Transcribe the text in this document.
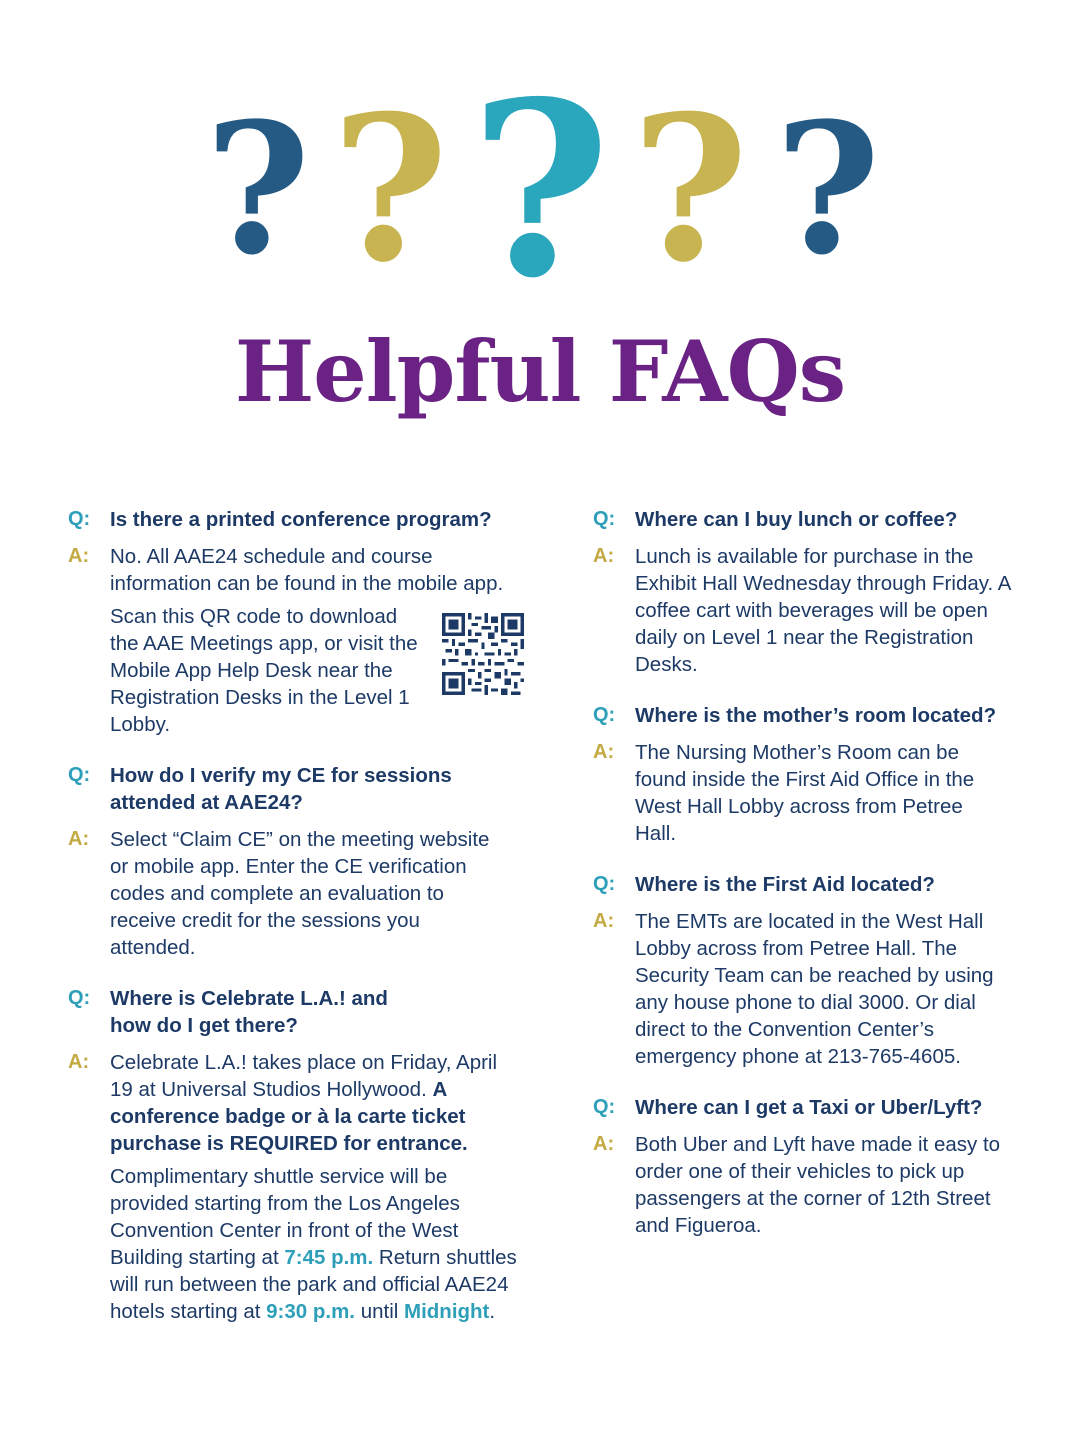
? ? ? ? ?
Helpful FAQs
Q: Is there a printed conference program?
A:	No. All AAE24 schedule and course information can be found in the mobile app.

Scan this QR code to download the AAE Meetings app, or visit the Mobile App Help Desk near the Registration Desks in the Level 1 Lobby.

Q: How do I verify my CE for sessions attended at AAE24?
A:	Select “Claim CE” on the meeting website or mobile app. Enter the CE verification codes and complete an evaluation to receive credit for the sessions you attended.

Q: Where is Celebrate L.A.! and how do I get there?
A:	Celebrate L.A.! takes place on Friday, April 19 at Universal Studios Hollywood. A conference badge or à la carte ticket purchase is REQUIRED for entrance.

Complimentary shuttle service will be provided starting from the Los Angeles Convention Center in front of the West Building starting at 7:45 p.m. Return shuttles will run between the park and official AAE24 hotels starting at 9:30 p.m. until Midnight.

Q: Where can I buy lunch or coffee?
A:	Lunch is available for purchase in the Exhibit Hall Wednesday through Friday. A coffee cart with beverages will be open daily on Level 1 near the Registration Desks.

Q: Where is the mother’s room located?
A:	The Nursing Mother’s Room can be found inside the First Aid Office in the West Hall Lobby across from Petree Hall.

Q: Where is the First Aid located?
A:	The EMTs are located in the West Hall Lobby across from Petree Hall. The Security Team can be reached by using any house phone to dial 3000. Or dial direct to the Convention Center’s emergency phone at 213-765-4605.

Q: Where can I get a Taxi or Uber/Lyft?
A:	Both Uber and Lyft have made it easy to order one of their vehicles to pick up passengers at the corner of 12th Street and Figueroa.
